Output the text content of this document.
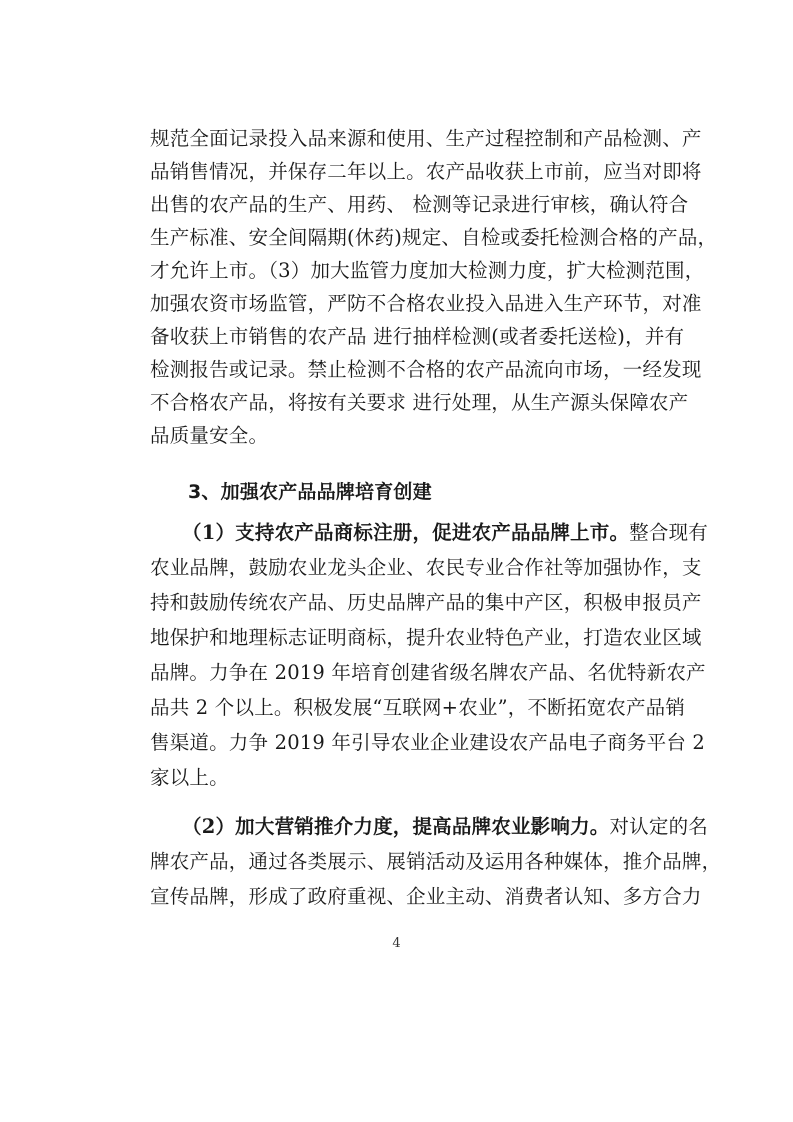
规范全面记录投入品来源和使用、生产过程控制和产品检测、产
品销售情况，并保存二年以上。农产品收获上市前，应当对即将
出售的农产品的生产、用药、 检测等记录进行审核，确认符合
生产标准、安全间隔期(休药)规定、自检或委托检测合格的产品，
才允许上市。（3）加大监管力度加大检测力度，扩大检测范围，
加强农资市场监管，严防不合格农业投入品进入生产环节，对准
备收获上市销售的农产品 进行抽样检测(或者委托送检)，并有
检测报告或记录。禁止检测不合格的农产品流向市场，一经发现
不合格农产品，将按有关要求 进行处理，从生产源头保障农产
品质量安全。
3、加强农产品品牌培育创建
（1）支持农产品商标注册，促进农产品品牌上市。整合现有
农业品牌，鼓励农业龙头企业、农民专业合作社等加强协作，支
持和鼓励传统农产品、历史品牌产品的集中产区，积极申报员产
地保护和地理标志证明商标，提升农业特色产业，打造农业区域
品牌。力争在 2019 年培育创建省级名牌农产品、名优特新农产
品共 2 个以上。积极发展“互联网+农业”，不断拓宽农产品销
售渠道。力争 2019 年引导农业企业建设农产品电子商务平台 2
家以上。
（2）加大营销推介力度，提高品牌农业影响力。对认定的名
牌农产品，通过各类展示、展销活动及运用各种媒体，推介品牌，
宣传品牌，形成了政府重视、企业主动、消费者认知、多方合力
4
